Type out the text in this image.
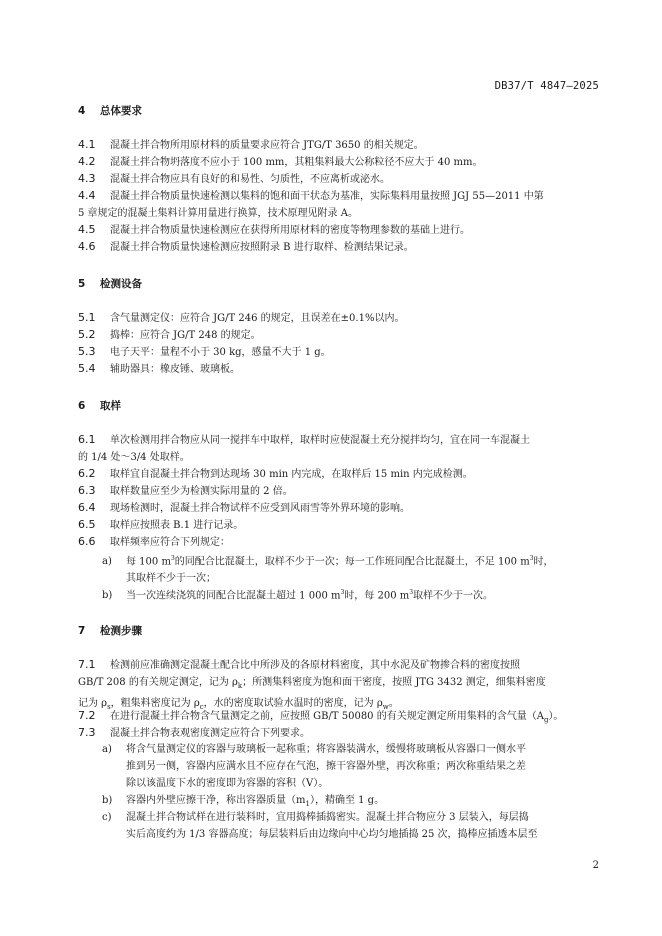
DB37/T 4847—2025
4 总体要求
4.1 混凝土拌合物所用原材料的质量要求应符合 JTG/T 3650 的相关规定。
4.2 混凝土拌合物坍落度不应小于 100 mm，其粗集料最大公称粒径不应大于 40 mm。
4.3 混凝土拌合物应具有良好的和易性、匀质性，不应离析或泌水。
4.4 混凝土拌合物质量快速检测以集料的饱和面干状态为基准，实际集料用量按照 JGJ 55—2011 中第
5 章规定的混凝土集料计算用量进行换算，技术原理见附录 A。
4.5 混凝土拌合物质量快速检测应在获得所用原材料的密度等物理参数的基础上进行。
4.6 混凝土拌合物质量快速检测应按照附录 B 进行取样、检测结果记录。
5 检测设备
5.1 含气量测定仪：应符合 JG/T 246 的规定，且误差在±0.1%以内。
5.2 捣棒：应符合 JG/T 248 的规定。
5.3 电子天平：量程不小于 30 kg，感量不大于 1 g。
5.4 辅助器具：橡皮锤、玻璃板。
6 取样
6.1 单次检测用拌合物应从同一搅拌车中取样，取样时应使混凝土充分搅拌均匀，宜在同一车混凝土
的 1/4 处～3/4 处取样。
6.2 取样宜自混凝土拌合物到达现场 30 min 内完成，在取样后 15 min 内完成检测。
6.3 取样数量应至少为检测实际用量的 2 倍。
6.4 现场检测时，混凝土拌合物试样不应受到风雨雪等外界环境的影响。
6.5 取样应按照表 B.1 进行记录。
6.6 取样频率应符合下列规定：
a) 每 100 $m^3$的同配合比混凝土，取样不少于一次；每一工作班同配合比混凝土，不足 100 $m^3$时，
其取样不少于一次；
b) 当一次连续浇筑的同配合比混凝土超过 1 000 $m^3$时，每 200 $m^3$取样不少于一次。
7 检测步骤
7.1 检测前应准确测定混凝土配合比中所涉及的各原材料密度，其中水泥及矿物掺合料的密度按照
GB/T 208 的有关规定测定，记为 $\rho_k$；所测集料密度为饱和面干密度，按照 JTG 3432 测定，细集料密度
记为 $\rho_s$，粗集料密度记为 $\rho_c$，水的密度取试验水温时的密度，记为 $\rho_w$。
7.2 在进行混凝土拌合物含气量测定之前，应按照 GB/T 50080 的有关规定测定所用集料的含气量$(A_g)$。
7.3 混凝土拌合物表观密度测定应符合下列要求。
a) 将含气量测定仪的容器与玻璃板一起称重；将容器装满水，缓慢将玻璃板从容器口一侧水平
推到另一侧，容器内应满水且不应存在气泡，擦干容器外壁，再次称重；两次称重结果之差
除以该温度下水的密度即为容器的容积（V）。
b) 容器内外壁应擦干净，称出容器质量$(m_1)$，精确至 1 g。
c) 混凝土拌合物试样在进行装料时，宜用捣棒插捣密实。混凝土拌合物应分 3 层装入，每层捣
实后高度约为 1/3 容器高度；每层装料后由边缘向中心均匀地插捣 25 次，捣棒应插透本层至
2
